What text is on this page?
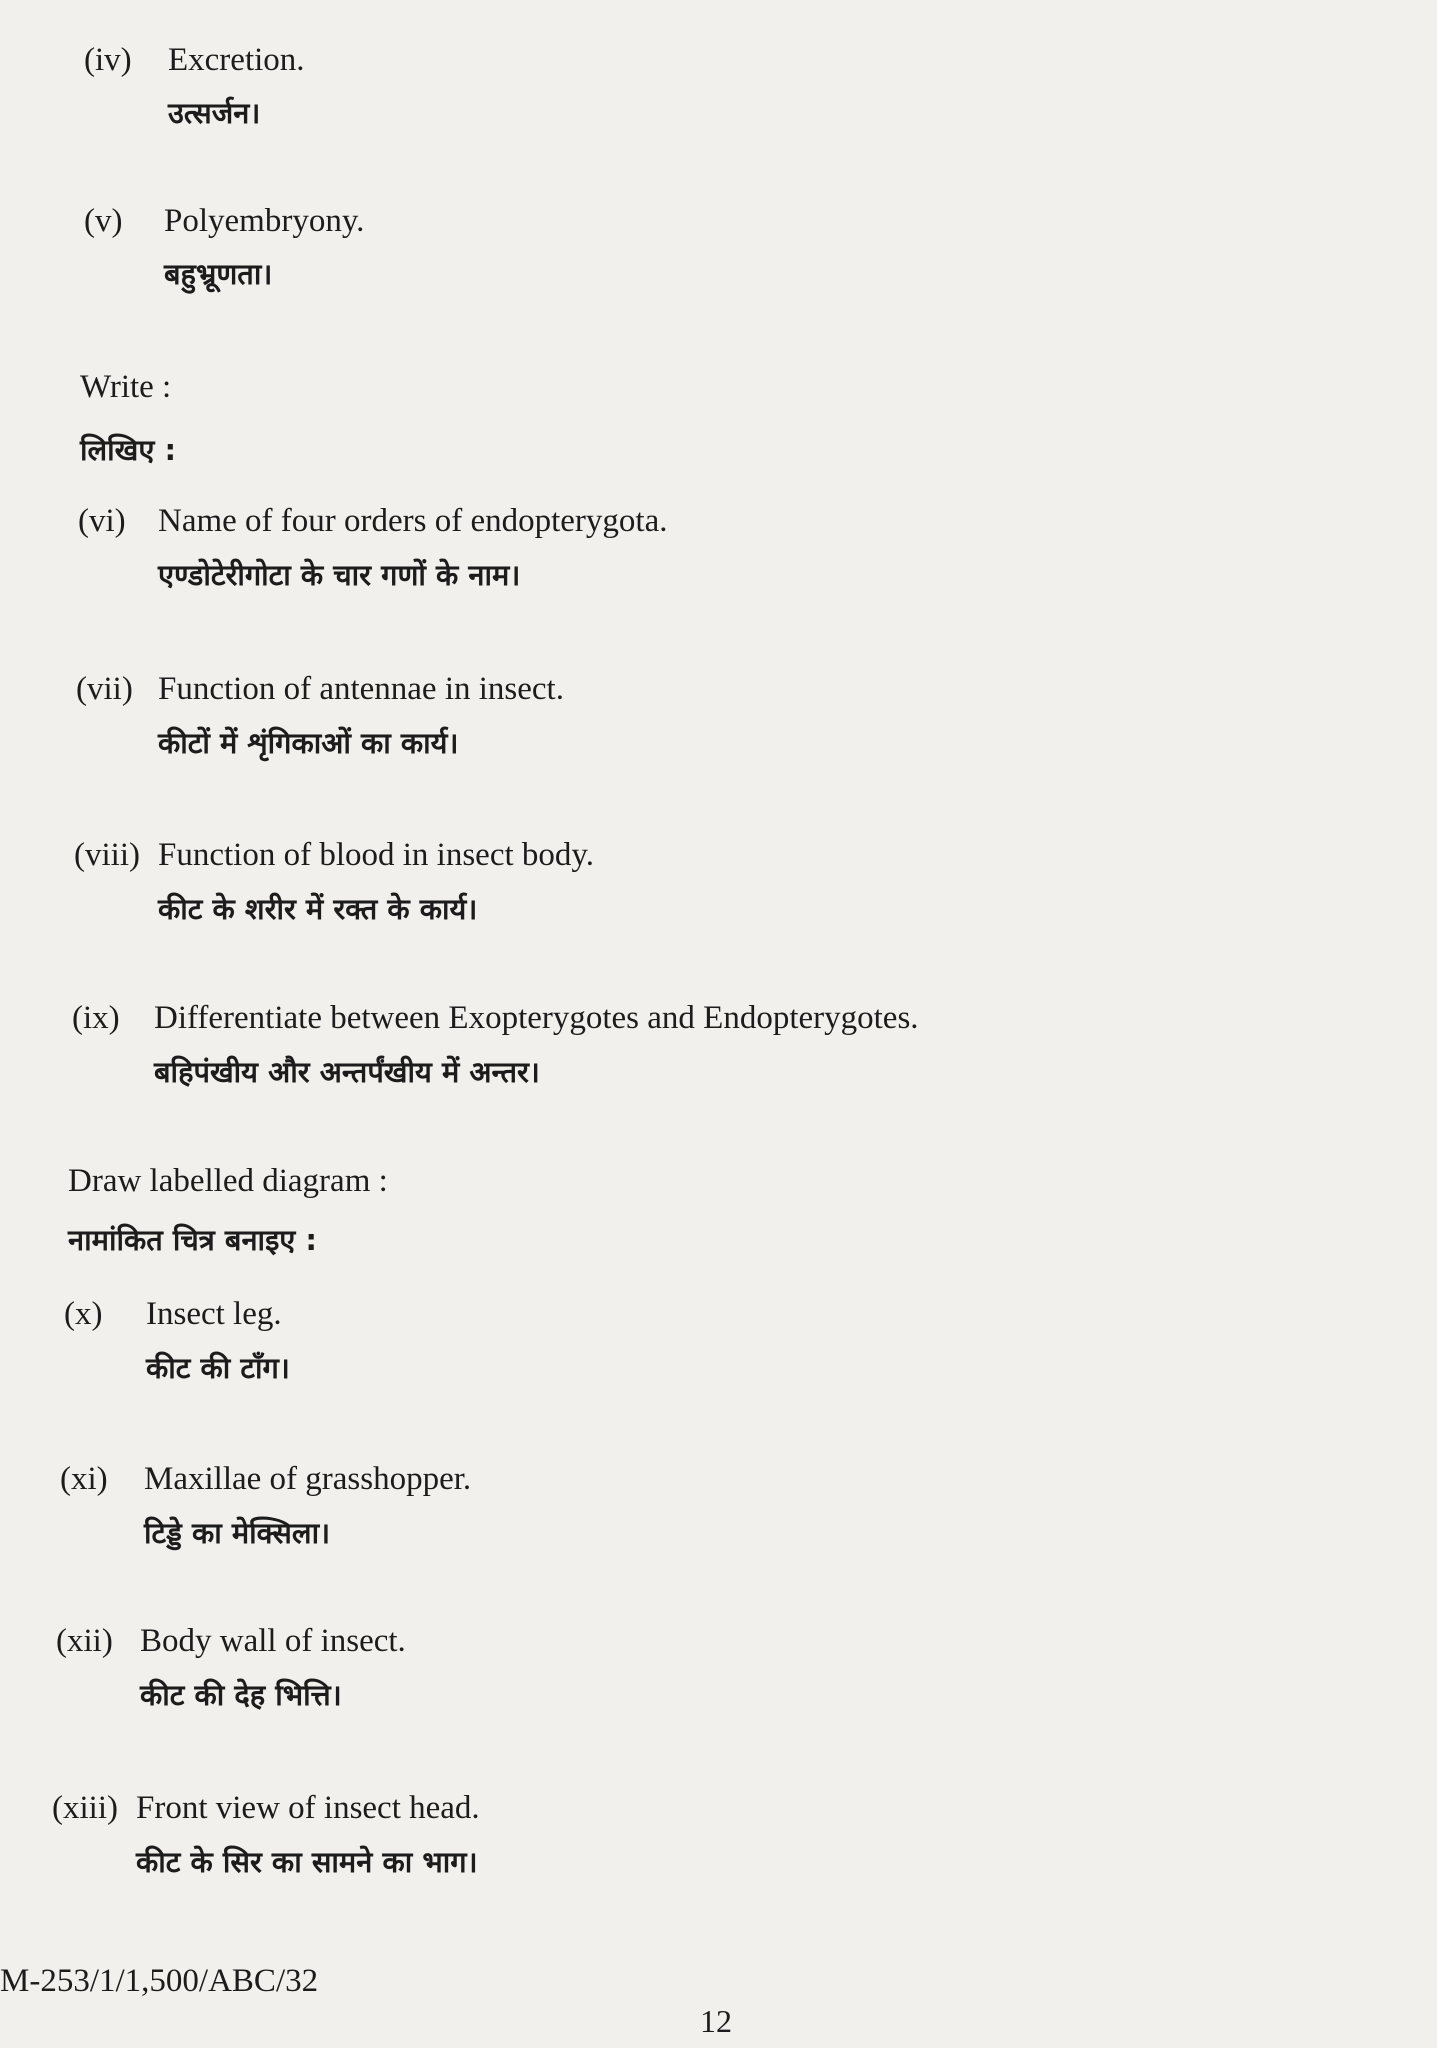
(iv) Excretion.
उत्सर्जन।
(v) Polyembryony.
बहुभ्रूणता।
Write :
लिखिए :
(vi) Name of four orders of endopterygota.
एण्डोटेरीगोटा के चार गणों के नाम।
(vii) Function of antennae in insect.
कीटों में शृंगिकाओं का कार्य।
(viii) Function of blood in insect body.
कीट के शरीर में रक्त के कार्य।
(ix) Differentiate between Exopterygotes and Endopterygotes.
बहिपंखीय और अन्तर्पंखीय में अन्तर।
Draw labelled diagram :
नामांकित चित्र बनाइए :
(x) Insect leg.
कीट की टाँग।
(xi) Maxillae of grasshopper.
टिड्डे का मेक्सिला।
(xii) Body wall of insect.
कीट की देह भित्ति।
(xiii) Front view of insect head.
कीट के सिर का सामने का भाग।
M-253/1/1,500/ABC/32
12
